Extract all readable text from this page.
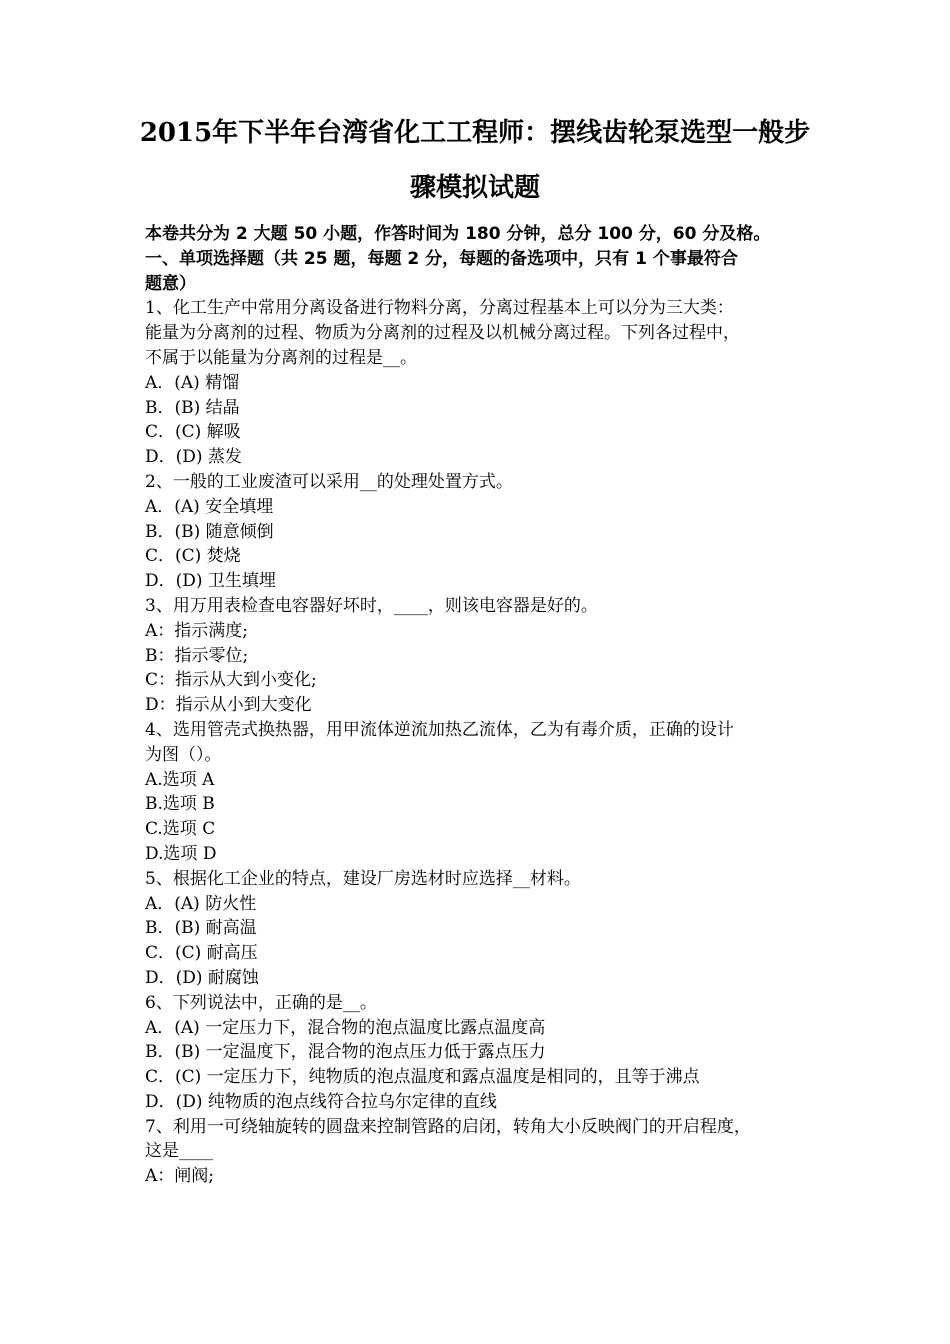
2015年下半年台湾省化工工程师：摆线齿轮泵选型一般步
骤模拟试题
本卷共分为 2 大题 50 小题，作答时间为 180 分钟，总分 100 分，60 分及格。
一、单项选择题（共 25 题，每题 2 分，每题的备选项中，只有 1 个事最符合
题意）
1、化工生产中常用分离设备进行物料分离，分离过程基本上可以分为三大类：
能量为分离剂的过程、物质为分离剂的过程及以机械分离过程。下列各过程中，
不属于以能量为分离剂的过程是__。
A．(A) 精馏
B．(B) 结晶
C．(C) 解吸
D．(D) 蒸发
2、一般的工业废渣可以采用__的处理处置方式。
A．(A) 安全填埋
B．(B) 随意倾倒
C．(C) 焚烧
D．(D) 卫生填埋
3、用万用表检查电容器好坏时，____，则该电容器是好的。
A：指示满度;
B：指示零位;
C：指示从大到小变化;
D：指示从小到大变化
4、选用管壳式换热器，用甲流体逆流加热乙流体，乙为有毒介质，正确的设计
为图（）。
A.选项 A
B.选项 B
C.选项 C
D.选项 D
5、根据化工企业的特点，建设厂房选材时应选择__材料。
A．(A) 防火性
B．(B) 耐高温
C．(C) 耐高压
D．(D) 耐腐蚀
6、下列说法中，正确的是__。
A．(A) 一定压力下，混合物的泡点温度比露点温度高
B．(B) 一定温度下，混合物的泡点压力低于露点压力
C．(C) 一定压力下，纯物质的泡点温度和露点温度是相同的，且等于沸点
D．(D) 纯物质的泡点线符合拉乌尔定律的直线
7、利用一可绕轴旋转的圆盘来控制管路的启闭，转角大小反映阀门的开启程度，
这是____
A：闸阀;
